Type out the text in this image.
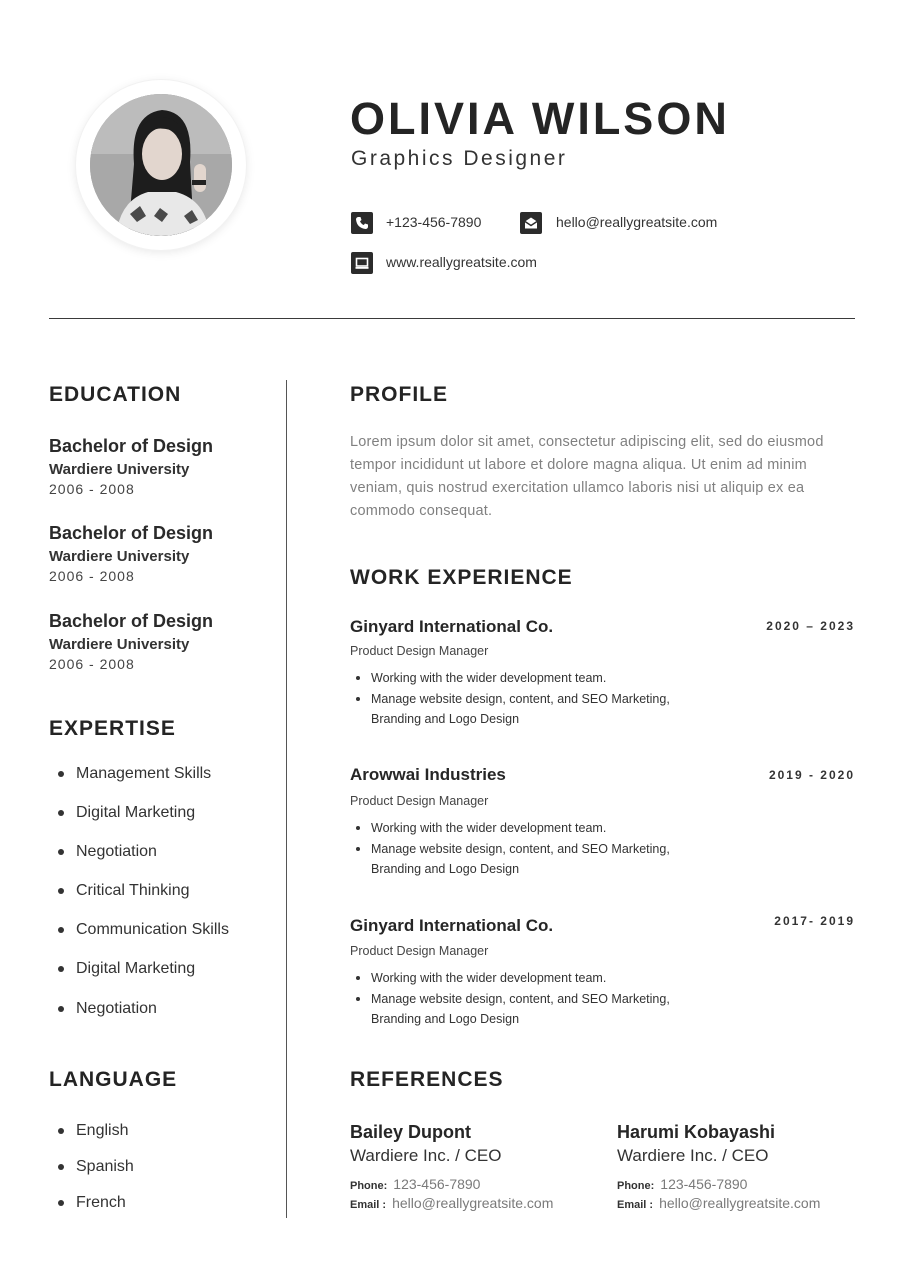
OLIVIA WILSON
Graphics Designer
+123-456-7890	hello@reallygreatsite.com
www.reallygreatsite.com
EDUCATION
Bachelor of Design
Wardiere University
2006 - 2008
Bachelor of Design
Wardiere University
2006 - 2008
Bachelor of Design
Wardiere University
2006 - 2008
EXPERTISE
Management Skills
Digital Marketing
Negotiation
Critical Thinking
Communication Skills
Digital Marketing
Negotiation
LANGUAGE
English
Spanish
French
PROFILE
Lorem ipsum dolor sit amet, consectetur adipiscing elit, sed do eiusmod tempor incididunt ut labore et dolore magna aliqua. Ut enim ad minim veniam, quis nostrud exercitation ullamco laboris nisi ut aliquip ex ea commodo consequat.
WORK EXPERIENCE
Ginyard International Co.	2020 – 2023
Product Design Manager
Working with the wider development team.
Manage website design, content, and SEO Marketing, Branding and Logo Design
Arowwai Industries	2019 - 2020
Product Design Manager
Working with the wider development team.
Manage website design, content, and SEO Marketing, Branding and Logo Design
Ginyard International Co.	2017- 2019
Product Design Manager
Working with the wider development team.
Manage website design, content, and SEO Marketing, Branding and Logo Design
REFERENCES
Bailey Dupont
Wardiere Inc. / CEO
Phone: 123-456-7890
Email : hello@reallygreatsite.com
Harumi Kobayashi
Wardiere Inc. / CEO
Phone: 123-456-7890
Email : hello@reallygreatsite.com
